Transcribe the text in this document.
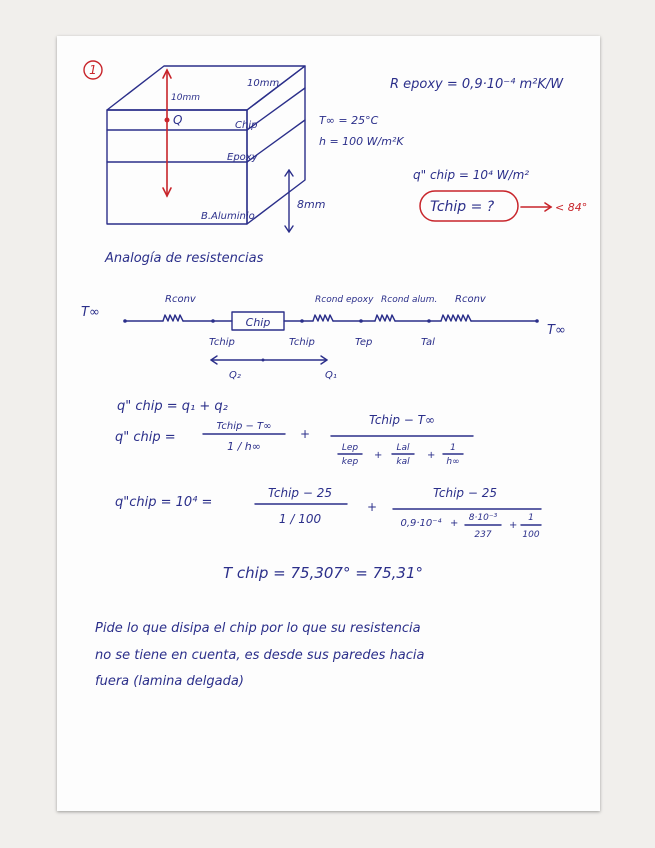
1
10mm
10mm
Q	Chip
Epoxy
B.Aluminio
8mm
R epoxy = 0,9·10⁻⁴ m²K/W
T∞ = 25°C
h = 100 W/m²K
q" chip = 10⁴ W/m²
Tchip = ?	< 84°
Analogía de resistencias
T∞
T∞
Rconv
Chip
Rcond epoxy Rcond alum. Rconv
Tchip	Tchip	Tep	Tal
Q₂	Q₁
q" chip = q₁ + q₂
q" chip =
Tchip − T∞
1 / h∞
+
Tchip − T∞
Lep
kep
+
Lal
kal
+
1
h∞
q"chip = 10⁴ =
Tchip − 25
1 / 100
+
Tchip − 25
0,9·10⁻⁴ + 8·10⁻³
237
+
1
100
T chip = 75,307° = 75,31°
Pide lo que disipa el chip por lo que su resistencia
no se tiene en cuenta, es desde sus paredes hacia
fuera (lamina delgada)
